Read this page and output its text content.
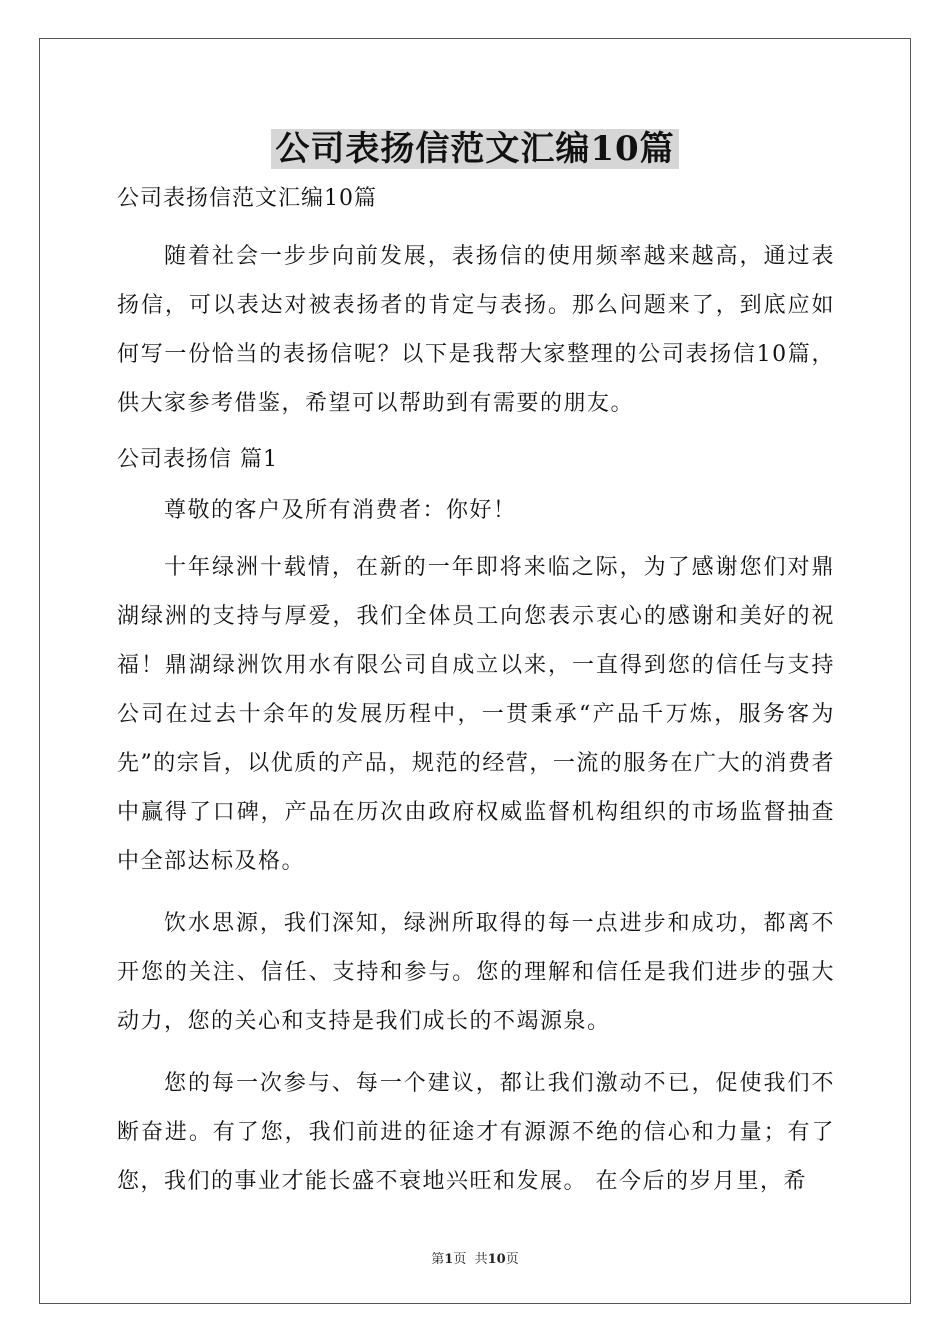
公司表扬信范文汇编10篇
公司表扬信范文汇编10篇

随着社会一步步向前发展，表扬信的使用频率越来越高，通过表扬信，可以表达对被表扬者的肯定与表扬。那么问题来了，到底应如何写一份恰当的表扬信呢？以下是我帮大家整理的公司表扬信10篇，供大家参考借鉴，希望可以帮助到有需要的朋友。

公司表扬信 篇1

尊敬的客户及所有消费者：你好！

十年绿洲十载情，在新的一年即将来临之际，为了感谢您们对鼎湖绿洲的支持与厚爱，我们全体员工向您表示衷心的感谢和美好的祝福！鼎湖绿洲饮用水有限公司自成立以来，一直得到您的信任与支持公司在过去十余年的发展历程中，一贯秉承“产品千万炼，服务客为先”的宗旨，以优质的产品，规范的经营，一流的服务在广大的消费者中赢得了口碑，产品在历次由政府权威监督机构组织的市场监督抽查中全部达标及格。

饮水思源，我们深知，绿洲所取得的每一点进步和成功，都离不开您的关注、信任、支持和参与。您的理解和信任是我们进步的强大动力，您的关心和支持是我们成长的不竭源泉。

您的每一次参与、每一个建议，都让我们激动不已，促使我们不断奋进。有了您，我们前进的征途才有源源不绝的信心和力量；有了您，我们的事业才能长盛不衰地兴旺和发展。 在今后的岁月里，希

第1页  共10页
